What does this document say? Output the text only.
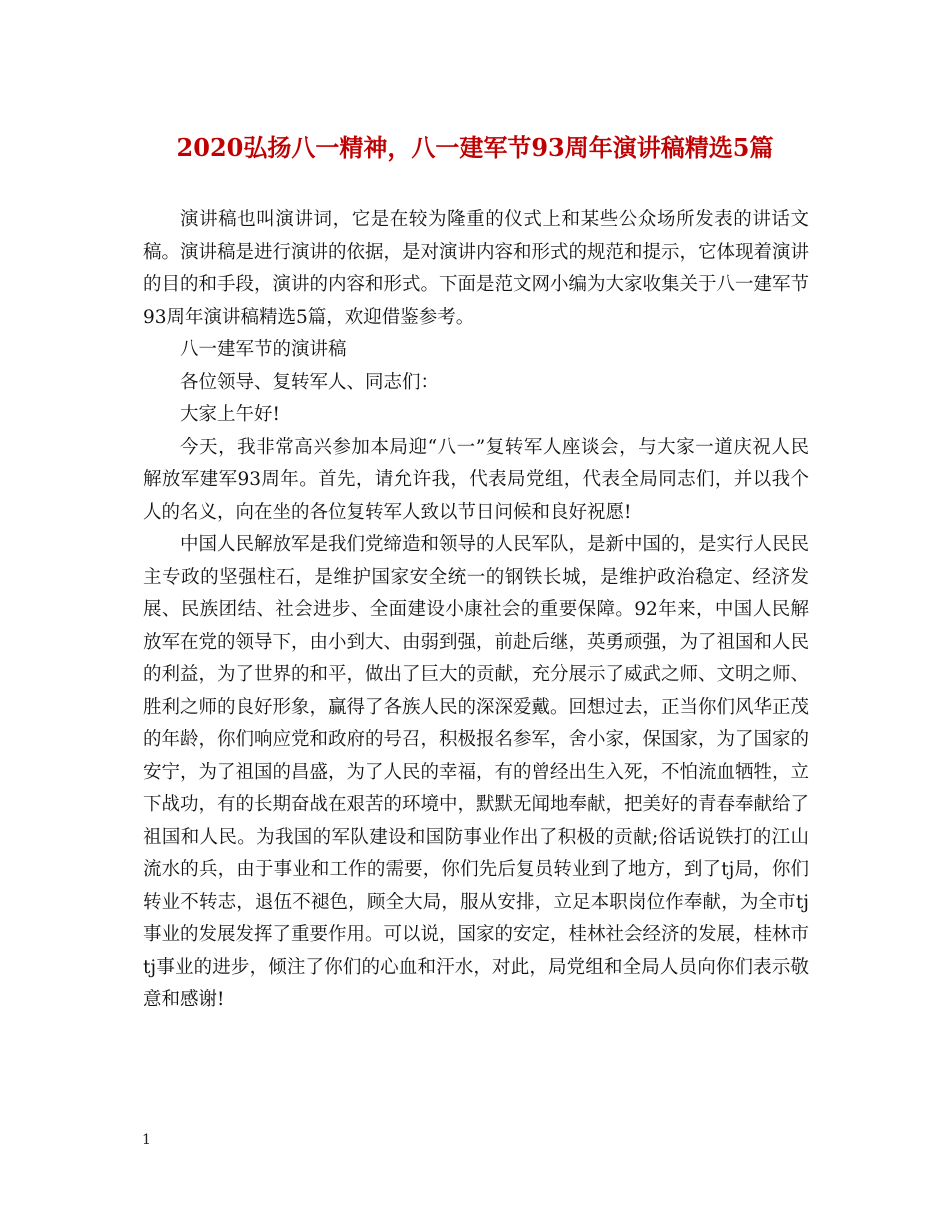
2020弘扬八一精神，八一建军节93周年演讲稿精选5篇

演讲稿也叫演讲词，它是在较为隆重的仪式上和某些公众场所发表的讲话文稿。演讲稿是进行演讲的依据，是对演讲内容和形式的规范和提示，它体现着演讲的目的和手段，演讲的内容和形式。下面是范文网小编为大家收集关于八一建军节93周年演讲稿精选5篇，欢迎借鉴参考。

八一建军节的演讲稿

各位领导、复转军人、同志们：

大家上午好!

今天，我非常高兴参加本局迎“八一”复转军人座谈会，与大家一道庆祝人民解放军建军93周年。首先，请允许我，代表局党组，代表全局同志们，并以我个人的名义，向在坐的各位复转军人致以节日问候和良好祝愿!

中国人民解放军是我们党缔造和领导的人民军队，是新中国的，是实行人民民主专政的坚强柱石，是维护国家安全统一的钢铁长城，是维护政治稳定、经济发展、民族团结、社会进步、全面建设小康社会的重要保障。92年来，中国人民解放军在党的领导下，由小到大、由弱到强，前赴后继，英勇顽强，为了祖国和人民的利益，为了世界的和平，做出了巨大的贡献，充分展示了威武之师、文明之师、胜利之师的良好形象，赢得了各族人民的深深爱戴。回想过去，正当你们风华正茂的年龄，你们响应党和政府的号召，积极报名参军，舍小家，保国家，为了国家的安宁，为了祖国的昌盛，为了人民的幸福，有的曾经出生入死，不怕流血牺牲，立下战功，有的长期奋战在艰苦的环境中，默默无闻地奉献，把美好的青春奉献给了祖国和人民。为我国的军队建设和国防事业作出了积极的贡献;俗话说铁打的江山流水的兵，由于事业和工作的需要，你们先后复员转业到了地方，到了tj局，你们转业不转志，退伍不褪色，顾全大局，服从安排，立足本职岗位作奉献，为全市tj事业的发展发挥了重要作用。可以说，国家的安定，桂林社会经济的发展，桂林市tj事业的进步，倾注了你们的心血和汗水，对此，局党组和全局人员向你们表示敬意和感谢!

1
